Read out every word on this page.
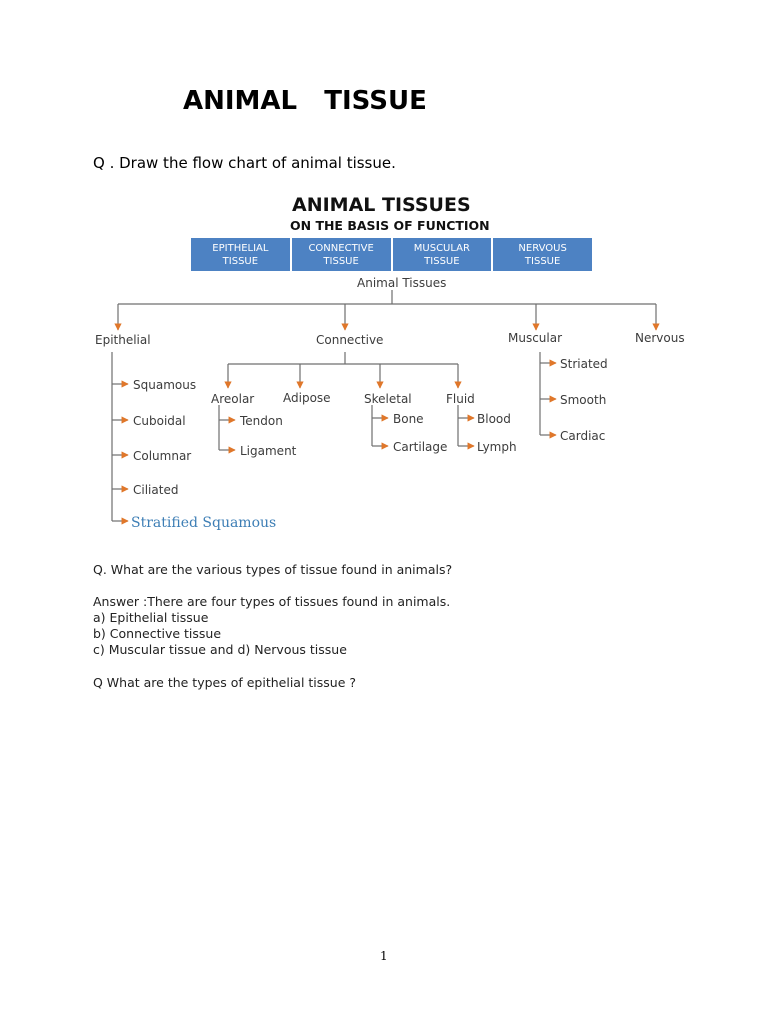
ANIMAL   TISSUE
Q . Draw the flow chart of animal tissue.
ANIMAL TISSUES
ON THE BASIS OF FUNCTION
EPITHELIAL
TISSUE
CONNECTIVE
TISSUE
MUSCULAR
TISSUE
NERVOUS
TISSUE
Animal Tissues
Epithelial	Connective	Muscular	Nervous
Squamous
Cuboidal
Columnar
Ciliated
Stratified Squamous
Areolar Adipose	Skeletal	Fluid
Tendon
Ligament
Bone
Cartilage
Blood
Lymph
Striated
Smooth
Cardiac
Q. What are the various types of tissue found in animals?
Answer :There are four types of tissues found in animals.
a) Epithelial tissue
b) Connective tissue
c) Muscular tissue and d) Nervous tissue
Q What are the types of epithelial tissue ?
1
